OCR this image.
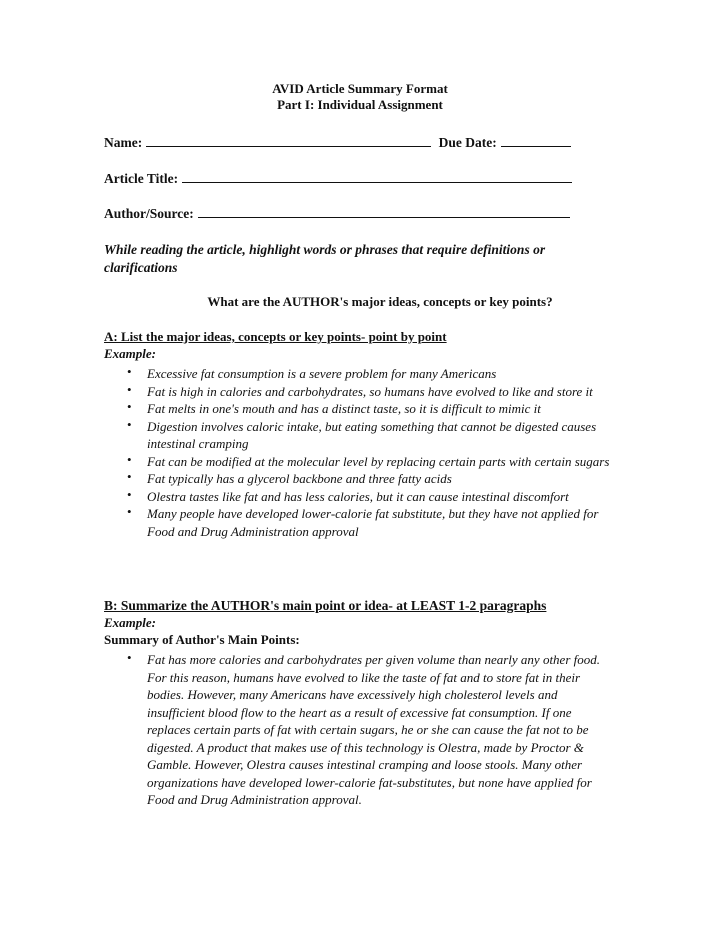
AVID Article Summary Format
Part I: Individual Assignment
Name:	Due Date:
Article Title:
Author/Source:
While reading the article, highlight words or phrases that require definitions or clarifications
What are the AUTHOR's major ideas, concepts or key points?
A: List the major ideas, concepts or key points- point by point
Example:
• Excessive fat consumption is a severe problem for many Americans
• Fat is high in calories and carbohydrates, so humans have evolved to like and store it
• Fat melts in one's mouth and has a distinct taste, so it is difficult to mimic it
• Digestion involves caloric intake, but eating something that cannot be digested causes intestinal cramping
• Fat can be modified at the molecular level by replacing certain parts with certain sugars
• Fat typically has a glycerol backbone and three fatty acids
• Olestra tastes like fat and has less calories, but it can cause intestinal discomfort
• Many people have developed lower-calorie fat substitute, but they have not applied for Food and Drug Administration approval
B: Summarize the AUTHOR's main point or idea- at LEAST 1-2 paragraphs
Example:
Summary of Author's Main Points:
• Fat has more calories and carbohydrates per given volume than nearly any other food. For this reason, humans have evolved to like the taste of fat and to store fat in their bodies. However, many Americans have excessively high cholesterol levels and insufficient blood flow to the heart as a result of excessive fat consumption. If one replaces certain parts of fat with certain sugars, he or she can cause the fat not to be digested. A product that makes use of this technology is Olestra, made by Proctor & Gamble. However, Olestra causes intestinal cramping and loose stools. Many other organizations have developed lower-calorie fat-substitutes, but none have applied for Food and Drug Administration approval.
